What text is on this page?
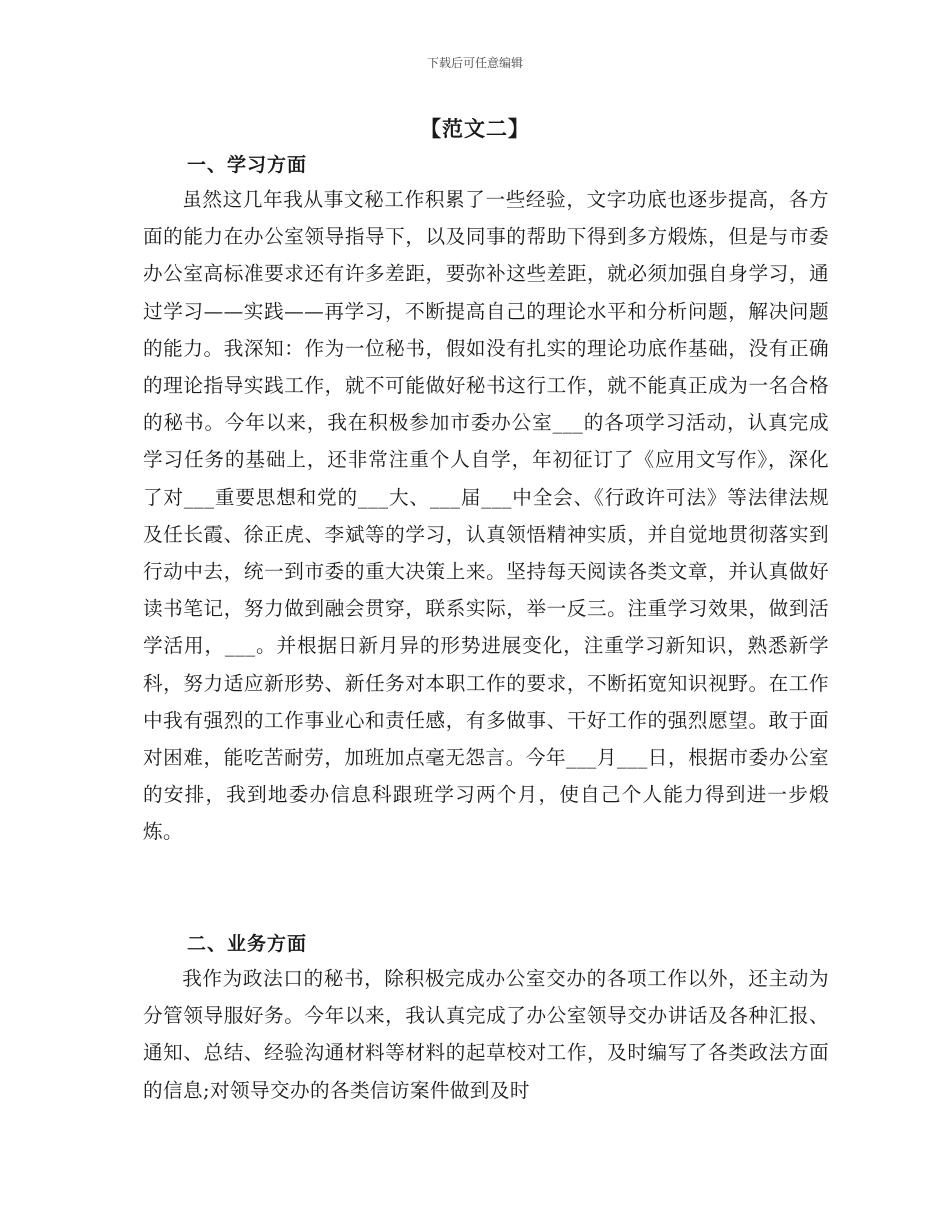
下载后可任意编辑
【范文二】
一、学习方面

虽然这几年我从事文秘工作积累了一些经验，文字功底也逐步提高，各方面的能力在办公室领导指导下，以及同事的帮助下得到多方煅炼，但是与市委办公室高标准要求还有许多差距，要弥补这些差距，就必须加强自身学习，通过学习——实践——再学习，不断提高自己的理论水平和分析问题，解决问题的能力。我深知：作为一位秘书，假如没有扎实的理论功底作基础，没有正确的理论指导实践工作，就不可能做好秘书这行工作，就不能真正成为一名合格的秘书。今年以来，我在积极参加市委办公室___的各项学习活动，认真完成学习任务的基础上，还非常注重个人自学，年初征订了《应用文写作》，深化了对___重要思想和党的___大、___届___中全会、《行政许可法》等法律法规及任长霞、徐正虎、李斌等的学习，认真领悟精神实质，并自觉地贯彻落实到行动中去，统一到市委的重大决策上来。坚持每天阅读各类文章，并认真做好读书笔记，努力做到融会贯穿，联系实际，举一反三。注重学习效果，做到活学活用，___。并根据日新月异的形势进展变化，注重学习新知识，熟悉新学科，努力适应新形势、新任务对本职工作的要求，不断拓宽知识视野。在工作中我有强烈的工作事业心和责任感，有多做事、干好工作的强烈愿望。敢于面对困难，能吃苦耐劳，加班加点毫无怨言。今年___月___日，根据市委办公室的安排，我到地委办信息科跟班学习两个月，使自己个人能力得到进一步煅炼。

二、业务方面

我作为政法口的秘书，除积极完成办公室交办的各项工作以外，还主动为分管领导服好务。今年以来，我认真完成了办公室领导交办讲话及各种汇报、通知、总结、经验沟通材料等材料的起草校对工作，及时编写了各类政法方面的信息;对领导交办的各类信访案件做到及时
